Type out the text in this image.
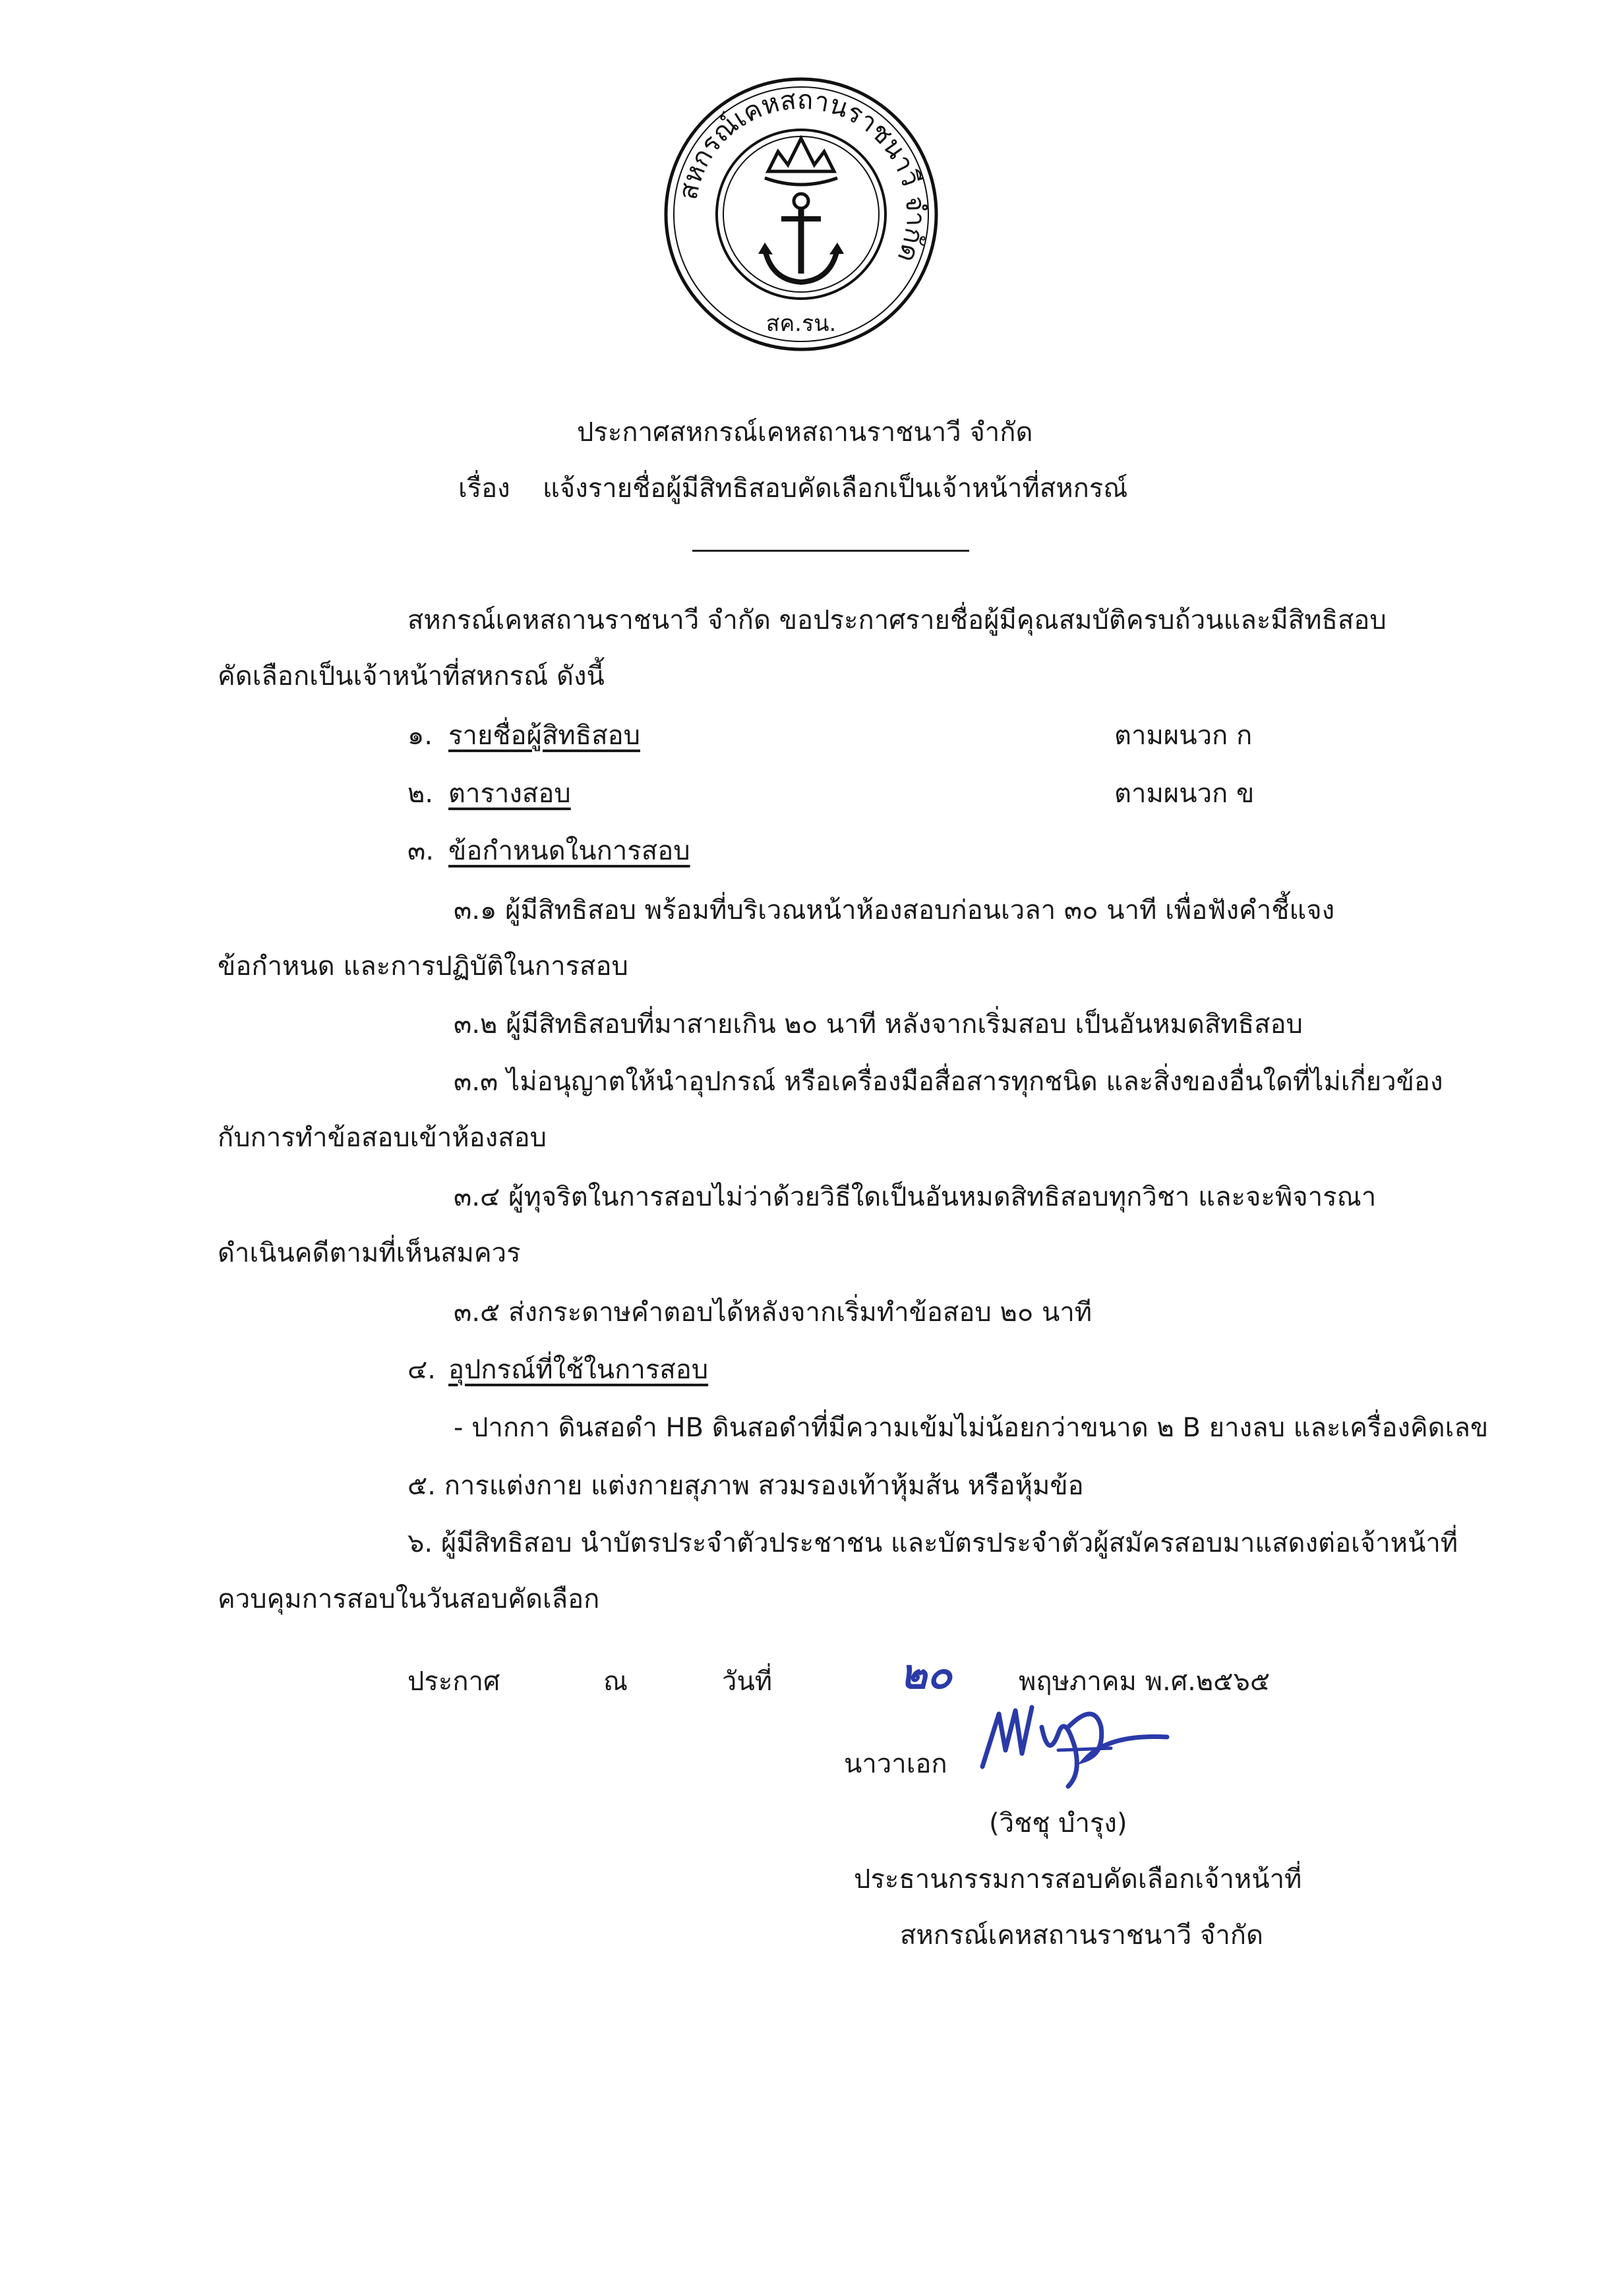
สหกรณ์เคหสถานราชนาวี จำกัด
สค.รน.
ประกาศสหกรณ์เคหสถานราชนาวี จำกัด
เรื่อง แจ้งรายชื่อผู้มีสิทธิสอบคัดเลือกเป็นเจ้าหน้าที่สหกรณ์
สหกรณ์เคหสถานราชนาวี จำกัด ขอประกาศรายชื่อผู้มีคุณสมบัติครบถ้วนและมีสิทธิสอบ
คัดเลือกเป็นเจ้าหน้าที่สหกรณ์ ดังนี้
๑. รายชื่อผู้สิทธิสอบ	ตามผนวก ก
๒. ตารางสอบ	ตามผนวก ข
๓. ข้อกำหนดในการสอบ
๓.๑ ผู้มีสิทธิสอบ พร้อมที่บริเวณหน้าห้องสอบก่อนเวลา ๓๐ นาที เพื่อฟังคำชี้แจง
ข้อกำหนด และการปฏิบัติในการสอบ
๓.๒ ผู้มีสิทธิสอบที่มาสายเกิน ๒๐ นาที หลังจากเริ่มสอบ เป็นอันหมดสิทธิสอบ
๓.๓ ไม่อนุญาตให้นำอุปกรณ์ หรือเครื่องมือสื่อสารทุกชนิด และสิ่งของอื่นใดที่ไม่เกี่ยวข้อง
กับการทำข้อสอบเข้าห้องสอบ
๓.๔ ผู้ทุจริตในการสอบไม่ว่าด้วยวิธีใดเป็นอันหมดสิทธิสอบทุกวิชา และจะพิจารณา
ดำเนินคดีตามที่เห็นสมควร
๓.๕ ส่งกระดาษคำตอบได้หลังจากเริ่มทำข้อสอบ ๒๐ นาที
๔. อุปกรณ์ที่ใช้ในการสอบ
- ปากกา ดินสอดำ HB ดินสอดำที่มีความเข้มไม่น้อยกว่าขนาด ๒ B ยางลบ และเครื่องคิดเลข
๕. การแต่งกาย แต่งกายสุภาพ สวมรองเท้าหุ้มส้น หรือหุ้มข้อ
๖. ผู้มีสิทธิสอบ นำบัตรประจำตัวประชาชน และบัตรประจำตัวผู้สมัครสอบมาแสดงต่อเจ้าหน้าที่
ควบคุมการสอบในวันสอบคัดเลือก
ประกาศ	ณ	วันที่	๒๐	พฤษภาคม พ.ศ.๒๕๖๕
นาวาเอก
(วิชชุ บำรุง)
ประธานกรรมการสอบคัดเลือกเจ้าหน้าที่
สหกรณ์เคหสถานราชนาวี จำกัด
